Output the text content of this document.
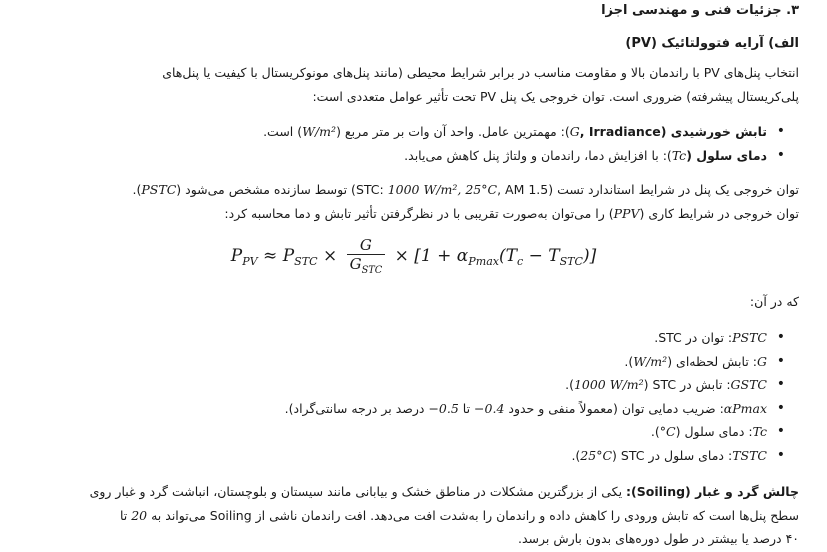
۳. جزئیات فنی و مهندسی اجزا
الف) آرایه فتوولتائیک (PV)
انتخاب پنل‌های PV با راندمان بالا و مقاومت مناسب در برابر شرایط محیطی (مانند پنل‌های مونوکریستال با کیفیت یا پنل‌های
پلی‌کریستال پیشرفته) ضروری است. توان خروجی یک پنل PV تحت تأثیر عوامل متعددی است:
• تابش خورشیدی (Irradiance ,G): مهمترین عامل. واحد آن وات بر متر مربع (W/m²) است.
• دمای سلول (Tc): با افزایش دما، راندمان و ولتاژ پنل کاهش می‌یابد.
توان خروجی یک پنل در شرایط استاندارد تست (STC: 1000 W/m², 25°C, AM 1.5) توسط سازنده مشخص می‌شود (PSTC).
توان خروجی در شرایط کاری (PPV) را می‌توان به‌صورت تقریبی با در نظرگرفتن تأثیر تابش و دما محاسبه کرد:
$P_{PV} \approx P_{STC} \times \frac{G}{G_{STC}} \times [1 + \alpha_{Pmax}(T_c - T_{STC})]$
که در آن:
• PSTC: توان در STC.
• G: تابش لحظه‌ای (W/m²).
• GSTC: تابش در STC (1000 W/m²).
• αPmax: ضریب دمایی توان (معمولاً منفی و حدود −0.4 تا −0.5 درصد بر درجه سانتی‌گراد).
• Tc: دمای سلول (°C).
• TSTC: دمای سلول در STC (25°C).
چالش گرد و غبار (Soiling): یکی از بزرگترین مشکلات در مناطق خشک و بیابانی مانند سیستان و بلوچستان، انباشت گرد و غبار روی
سطح پنل‌ها است که تابش ورودی را کاهش داده و راندمان را به‌شدت افت می‌دهد. افت راندمان ناشی از Soiling می‌تواند به 20 تا
۴۰ درصد یا بیشتر در طول دوره‌های بدون بارش برسد.
